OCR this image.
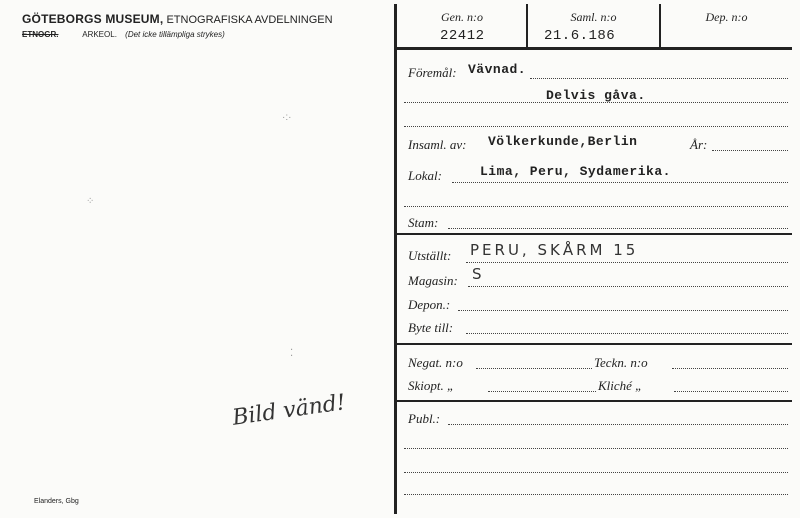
GÖTEBORGS MUSEUM, ETNOGRAFISKA AVDELNINGEN
ETNOGR.	ARKEOL. (Det icke tillämpliga strykes)
·:·
⁘
⁚
Bild vänd!
Elanders, Gbg
Gen. n:o
22412
Saml. n:o
21.6.186
Dep. n:o
Föremål: Vävnad.
Delvis gåva.
Insaml. av: Völkerkunde,Berlin	År:
Lokal:	Lima, Peru, Sydamerika.
Stam:
Utställt: PERU, SKÅRM 15
Magasin: S
Depon.:
Byte till:
Negat. n:o	Teckn. n:o
Skiopt. „	Kliché „
Publ.:
